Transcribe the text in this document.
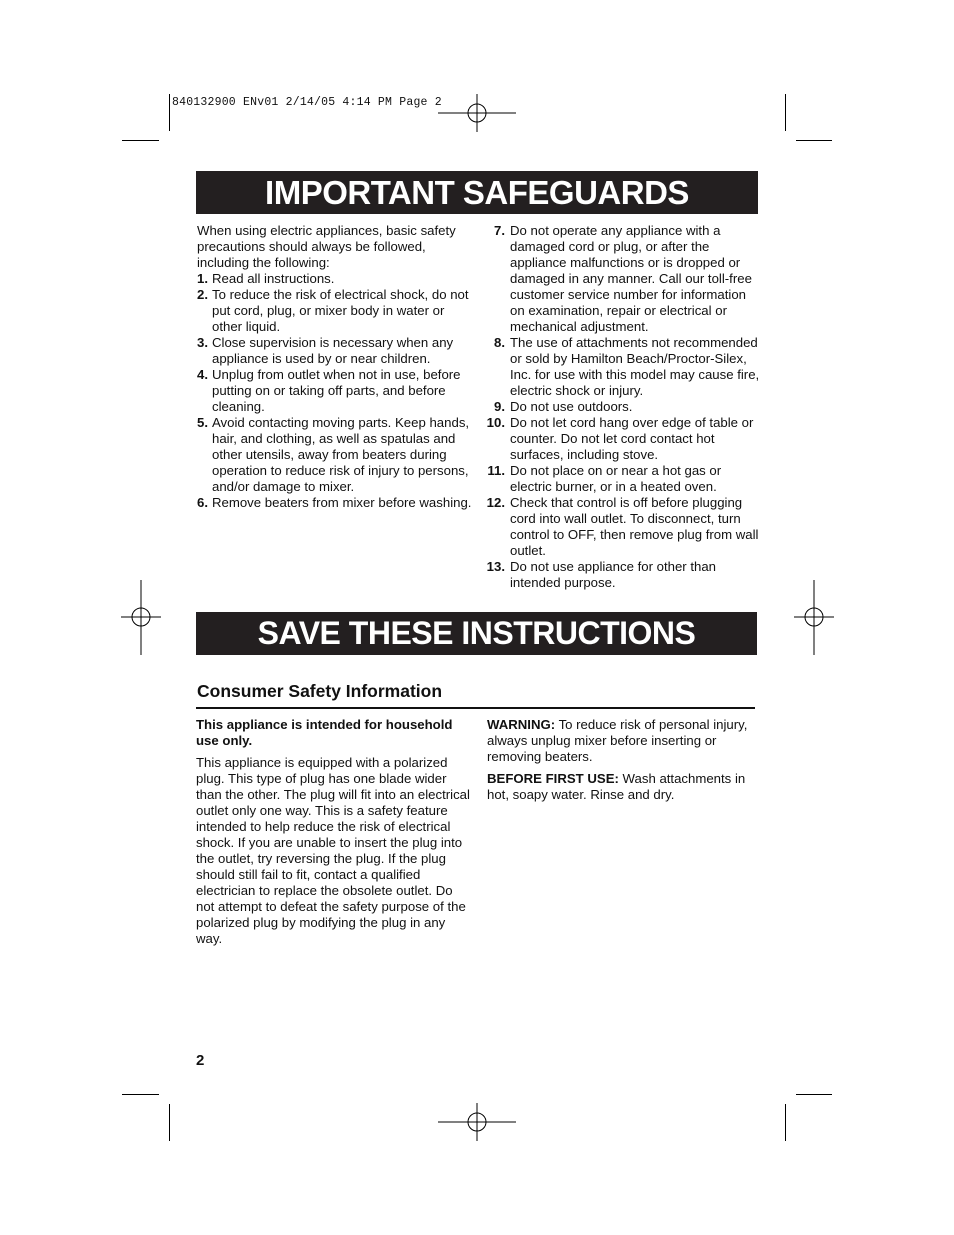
840132900 ENv01 2/14/05 4:14 PM Page 2
IMPORTANT SAFEGUARDS
When using electric appliances, basic safety precautions should always be followed, including the following:
1. Read all instructions.
2. To reduce the risk of electrical shock, do not put cord, plug, or mixer body in water or other liquid.
3. Close supervision is necessary when any appliance is used by or near children.
4. Unplug from outlet when not in use, before putting on or taking off parts, and before cleaning.
5. Avoid contacting moving parts. Keep hands, hair, and clothing, as well as spatulas and other utensils, away from beaters during operation to reduce risk of injury to persons, and/or damage to mixer.
6. Remove beaters from mixer before washing.
7. Do not operate any appliance with a damaged cord or plug, or after the appliance malfunctions or is dropped or damaged in any manner. Call our toll-free customer service number for information on examination, repair or electrical or mechanical adjustment.
8. The use of attachments not recommended or sold by Hamilton Beach/Proctor-Silex, Inc. for use with this model may cause fire, electric shock or injury.
9. Do not use outdoors.
10. Do not let cord hang over edge of table or counter. Do not let cord contact hot surfaces, including stove.
11. Do not place on or near a hot gas or electric burner, or in a heated oven.
12. Check that control is off before plugging cord into wall outlet. To disconnect, turn control to OFF, then remove plug from wall outlet.
13. Do not use appliance for other than intended purpose.
SAVE THESE INSTRUCTIONS
Consumer Safety Information

This appliance is intended for household use only.

This appliance is equipped with a polarized plug. This type of plug has one blade wider than the other. The plug will fit into an electrical outlet only one way. This is a safety feature intended to help reduce the risk of electrical shock. If you are unable to insert the plug into the outlet, try reversing the plug. If the plug should still fail to fit, contact a qualified electrician to replace the obsolete outlet. Do not attempt to defeat the safety purpose of the polarized plug by modifying the plug in any way.

WARNING: To reduce risk of personal injury, always unplug mixer before inserting or removing beaters.

BEFORE FIRST USE: Wash attachments in hot, soapy water. Rinse and dry.

2
